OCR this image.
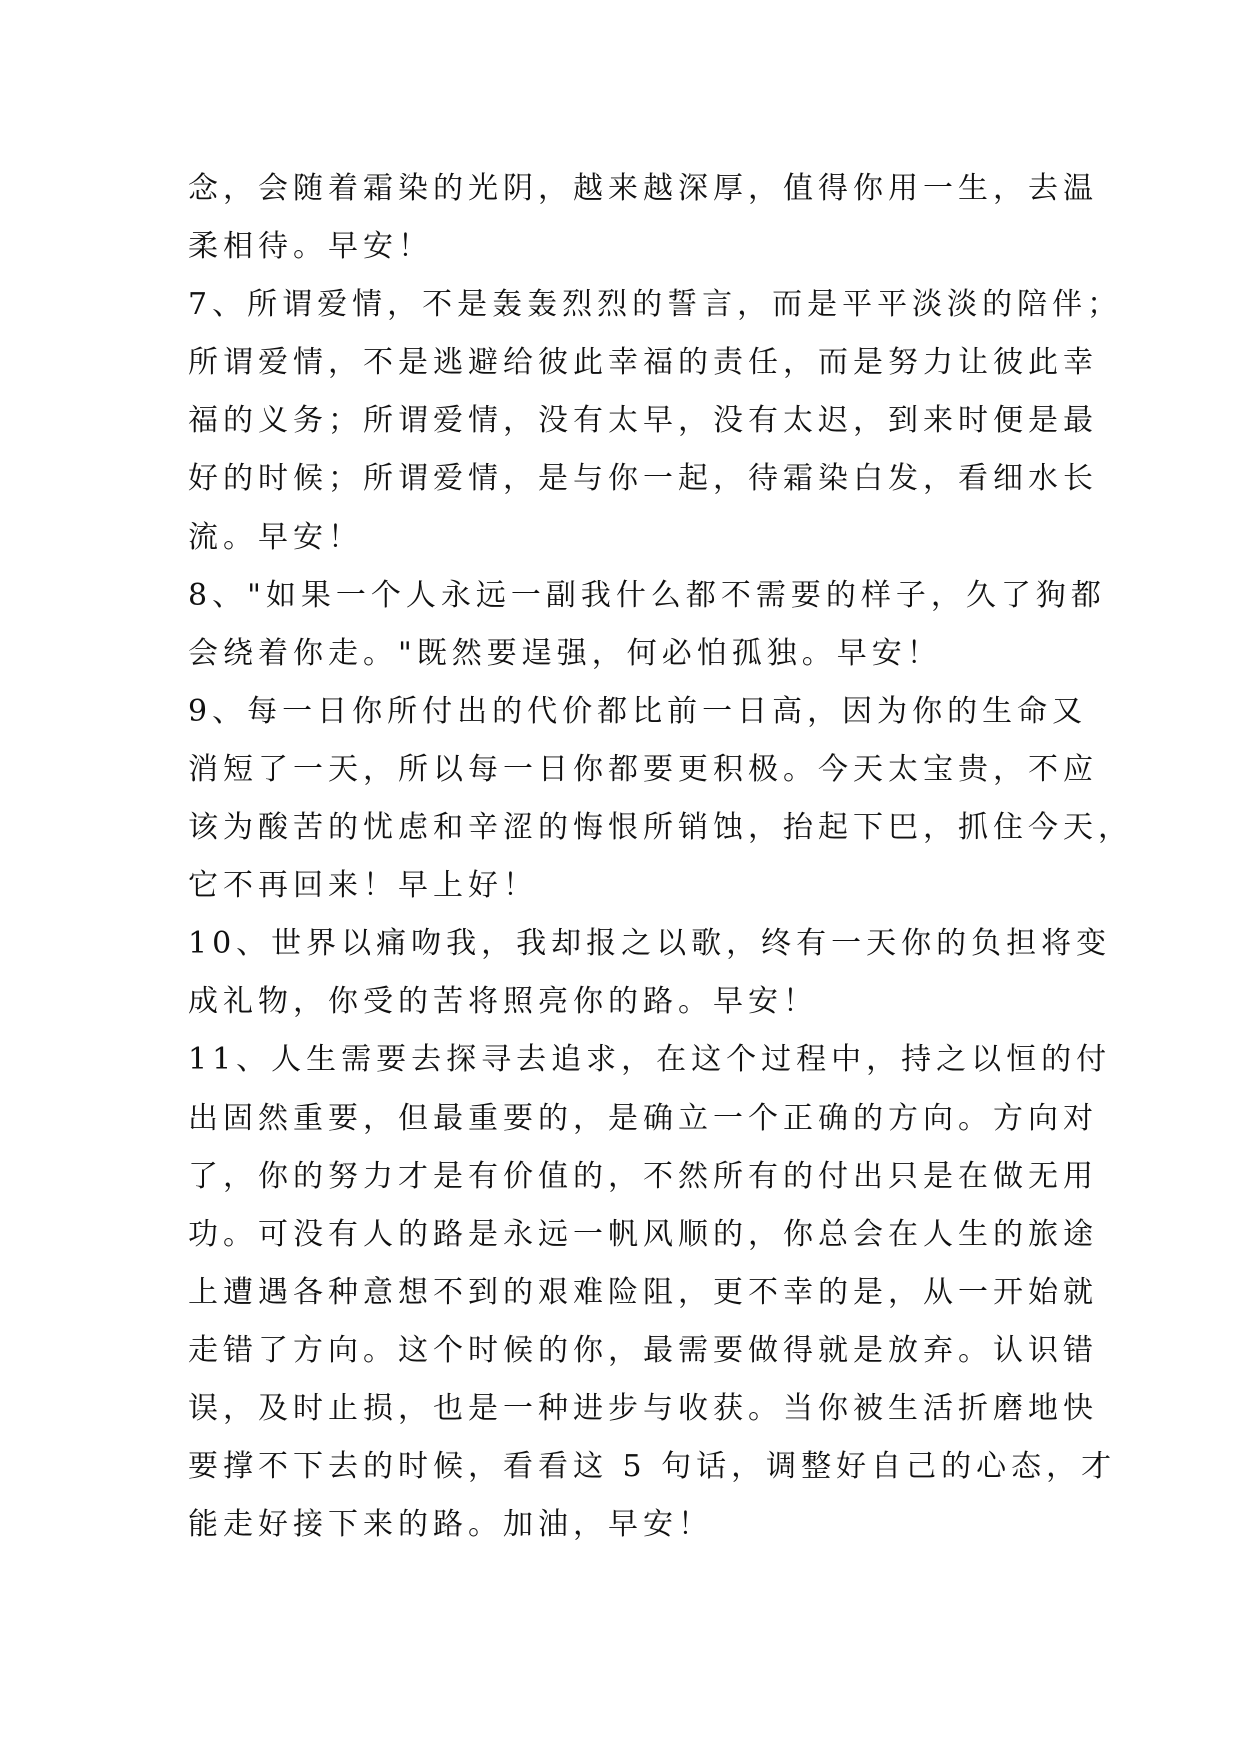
念，会随着霜染的光阴，越来越深厚，值得你用一生，去温
柔相待。早安！
7、所谓爱情，不是轰轰烈烈的誓言，而是平平淡淡的陪伴；
所谓爱情，不是逃避给彼此幸福的责任，而是努力让彼此幸
福的义务；所谓爱情，没有太早，没有太迟，到来时便是最
好的时候；所谓爱情，是与你一起，待霜染白发，看细水长
流。早安！
8、"如果一个人永远一副我什么都不需要的样子，久了狗都
会绕着你走。"既然要逞强，何必怕孤独。早安！
9、每一日你所付出的代价都比前一日高，因为你的生命又
消短了一天，所以每一日你都要更积极。今天太宝贵，不应
该为酸苦的忧虑和辛涩的悔恨所销蚀，抬起下巴，抓住今天，
它不再回来！早上好！
10、世界以痛吻我，我却报之以歌，终有一天你的负担将变
成礼物，你受的苦将照亮你的路。早安！
11、人生需要去探寻去追求，在这个过程中，持之以恒的付
出固然重要，但最重要的，是确立一个正确的方向。方向对
了，你的努力才是有价值的，不然所有的付出只是在做无用
功。可没有人的路是永远一帆风顺的，你总会在人生的旅途
上遭遇各种意想不到的艰难险阻，更不幸的是，从一开始就
走错了方向。这个时候的你，最需要做得就是放弃。认识错
误，及时止损，也是一种进步与收获。当你被生活折磨地快
要撑不下去的时候，看看这 5 句话，调整好自己的心态，才
能走好接下来的路。加油，早安！
